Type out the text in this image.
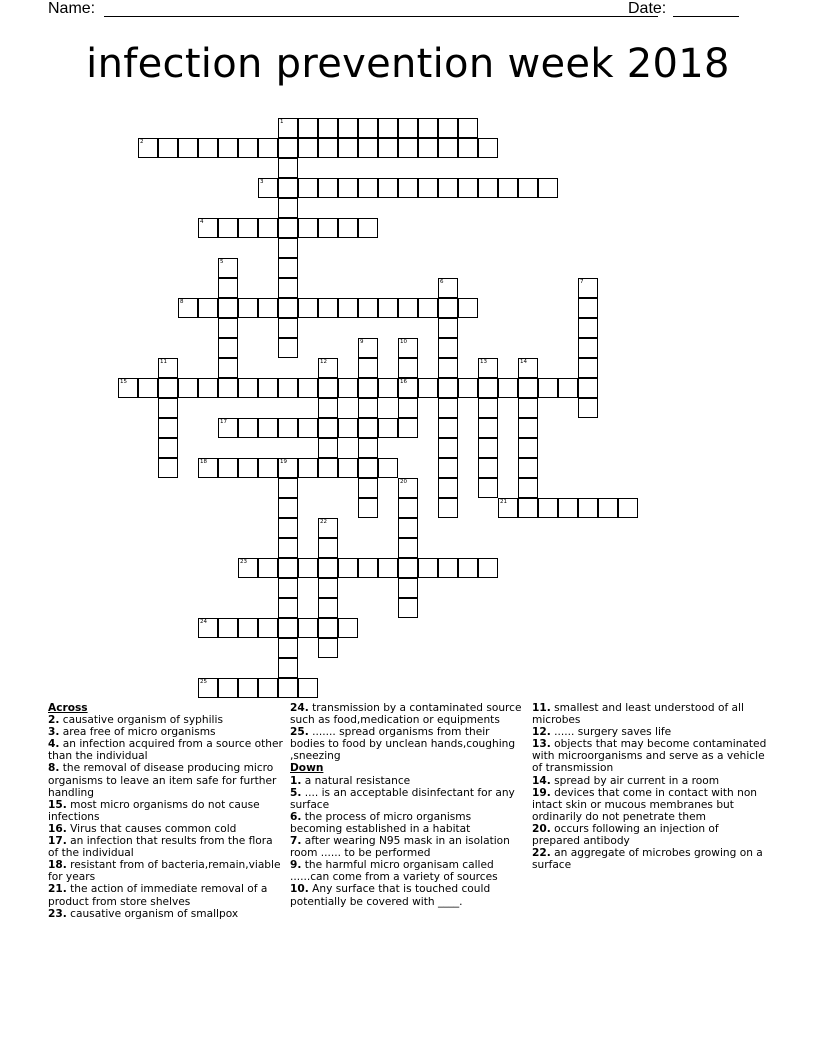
Name:	Date:
infection prevention week 2018
1
2
3
4
5
6	7
8
9	10
11	12	13	14
15	16
17
18	19
20
21
22
23
24
25
Across
2. causative organism of syphilis
3. area free of micro organisms
4. an infection acquired from a source other than the individual
8. the removal of disease producing micro organisms to leave an item safe for further handling
15. most micro organisms do not cause infections
16. Virus that causes common cold
17. an infection that results from the flora of the individual
18. resistant from of bacteria,remain,viable for years
21. the action of immediate removal of a product from store shelves
23. causative organism of smallpox
24. transmission by a contaminated source such as food,medication or equipments
25. ....... spread organisms from their bodies to food by unclean hands,coughing ,sneezing
Down
1. a natural resistance
5. .... is an acceptable disinfectant for any surface
6. the process of micro organisms becoming established in a habitat
7. after wearing N95 mask in an isolation room ...... to be performed
9. the harmful micro organisam called ......can come from a variety of sources
10. Any surface that is touched could potentially be covered with ____.
11. smallest and least understood of all microbes
12. ...... surgery saves life
13. objects that may become contaminated with microorganisms and serve as a vehicle of transmission
14. spread by air current in a room
19. devices that come in contact with non intact skin or mucous membranes but ordinarily do not penetrate them
20. occurs following an injection of prepared antibody
22. an aggregate of microbes growing on a surface
